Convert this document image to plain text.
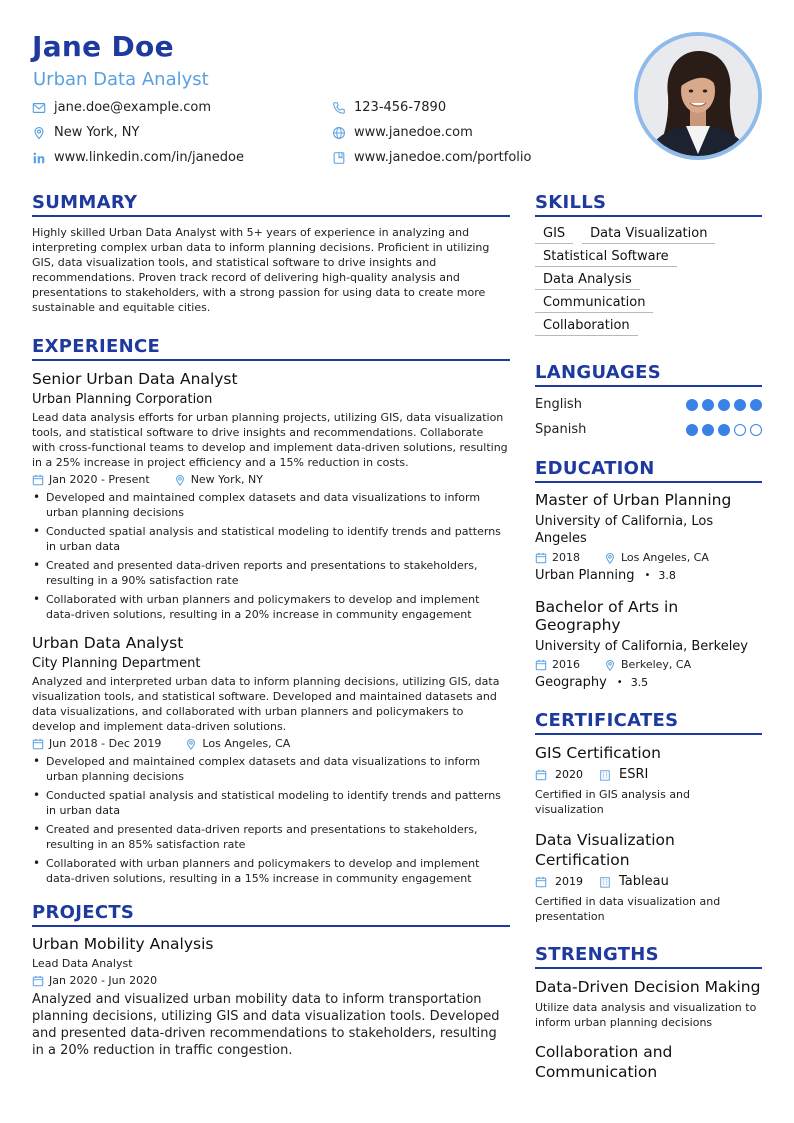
Jane Doe
Urban Data Analyst
jane.doe@example.com	123-456-7890
New York, NY	www.janedoe.com
www.linkedin.com/in/janedoe	www.janedoe.com/portfolio
SUMMARY

Highly skilled Urban Data Analyst with 5+ years of experience in analyzing and interpreting complex urban data to inform planning decisions. Proficient in utilizing GIS, data visualization tools, and statistical software to drive insights and recommendations. Proven track record of delivering high-quality analysis and presentations to stakeholders, with a strong passion for using data to create more sustainable and equitable cities.

EXPERIENCE
Senior Urban Data Analyst
Urban Planning Corporation

Lead data analysis efforts for urban planning projects, utilizing GIS, data visualization tools, and statistical software to drive insights and recommendations. Collaborate with cross-functional teams to develop and implement data-driven solutions, resulting in a 25% increase in project efficiency and a 15% reduction in costs.

Jan 2020 - Present	New York, NY
• Developed and maintained complex datasets and data visualizations to inform urban planning decisions
• Conducted spatial analysis and statistical modeling to identify trends and patterns in urban data
• Created and presented data-driven reports and presentations to stakeholders, resulting in a 90% satisfaction rate
• Collaborated with urban planners and policymakers to develop and implement data-driven solutions, resulting in a 20% increase in community engagement
Urban Data Analyst
City Planning Department

Analyzed and interpreted urban data to inform planning decisions, utilizing GIS, data visualization tools, and statistical software. Developed and maintained datasets and data visualizations, and collaborated with urban planners and policymakers to develop and implement data-driven solutions.

Jun 2018 - Dec 2019	Los Angeles, CA
• Developed and maintained complex datasets and data visualizations to inform urban planning decisions
• Conducted spatial analysis and statistical modeling to identify trends and patterns in urban data
• Created and presented data-driven reports and presentations to stakeholders, resulting in an 85% satisfaction rate
• Collaborated with urban planners and policymakers to develop and implement data-driven solutions, resulting in a 15% increase in community engagement
PROJECTS
Urban Mobility Analysis
Lead Data Analyst
Jan 2020 - Jun 2020

Analyzed and visualized urban mobility data to inform transportation planning decisions, utilizing GIS and data visualization tools. Developed and presented data-driven recommendations to stakeholders, resulting in a 20% reduction in traffic congestion.

SKILLS
GIS	Data Visualization
Statistical Software
Data Analysis
Communication
Collaboration
LANGUAGES
English
Spanish
EDUCATION
Master of Urban Planning
University of California, Los Angeles
2018	Los Angeles, CA
Urban Planning • 3.8
Bachelor of Arts in Geography
University of California, Berkeley
2016	Berkeley, CA
Geography • 3.5
CERTIFICATES
GIS Certification
2020	ESRI

Certified in GIS analysis and visualization

Data Visualization Certification
2019	Tableau

Certified in data visualization and presentation

STRENGTHS
Data-Driven Decision Making

Utilize data analysis and visualization to inform urban planning decisions

Collaboration and Communication
